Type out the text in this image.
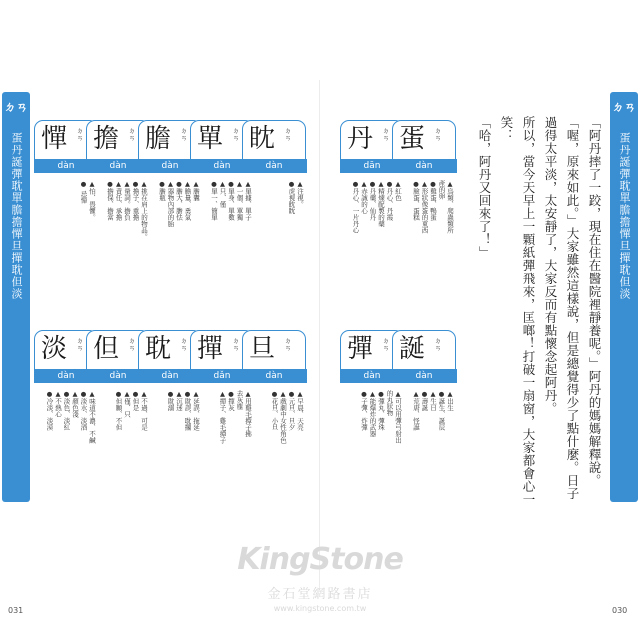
ㄉㄢ
蛋丹誕彈耽單膽擔憚旦撣耽但淡
031
憚 ㄉㄢ
dàn
▲怕、畏懼。
● 忌憚
擔 ㄉㄢ
dàn
▲挑在肩上的物品。
●擔子、重擔
▲量詞。擔負
▲責任、承擔
●擔保、擔當
膽 ㄉㄢ
dàn
▲膽囊
▲膽量、勇氣
●膽大、膽怯
▲器物內部的胎
●膽瓶
單 ㄉㄢ
dàn
▲單據、單子
▲一個、單獨
●單身、單數
▲只、僅
●單一、簡單
眈 ㄉㄢ
dàn
▲注視。
●虎視眈眈
淡 ㄉㄢ
dàn
▲味道不濃、不鹹
●淡水、淡酒
▲顏色淺
●淡色、淡紅
▲不熱心
●冷淡、淡漠
但 ㄉㄢ
dàn
▲不過、可是
●但是
▲僅、只
●但願、不但
耽 ㄉㄢ
dàn
▲延誤、拖延
●耽誤、耽擱
▲沉迷
●耽溺
撣 ㄉㄢ
dǎn
▲用雞毛撢子拂
去灰塵
●撣灰
▲撣子、雞毛撢子
旦 ㄉㄢ
dàn
▲早晨、天亮
●元旦、旦夕
▲戲劇中女性角色
●花旦、小旦
ㄉㄢ
蛋丹誕彈耽單膽擔憚旦撣耽但淡
030
丹 ㄉㄢ
dān
▲紅色
●丹心、丹霞
▲精煉配製的藥
●丹藥、仙丹
▲赤誠的心
●丹心、一片丹心
蛋 ㄉㄢ
dàn
▲鳥類、爬蟲類所
產的卵
●雞蛋、鴨蛋
▲形狀像蛋的東西
●臉蛋、蛋糕
彈 ㄉㄢ
dàn
▲可以用彈弓射出
的丸狀物
●彈丸、彈珠
▲能爆炸的武器
●子彈、炸彈
誕 ㄉㄢ
dàn
▲出生
●誕生、誕辰
▲生日
●壽誕
▲荒唐、怪誕	「阿丹摔了一跤，現在住在醫院裡靜養呢。」阿丹的媽媽解釋說。
「喔，原來如此。」大家雖然這樣說，但是總覺得少了點什麼。日子過得太平淡，太安靜了，大家反而有點懷念起阿丹。
所以，當今天早上一顆紙彈飛來，匡啷！打破一扇窗，大家都會心一笑：
「哈，阿丹又回來了！」
KingStone
金石堂網路書店
www.kingstone.com.tw
